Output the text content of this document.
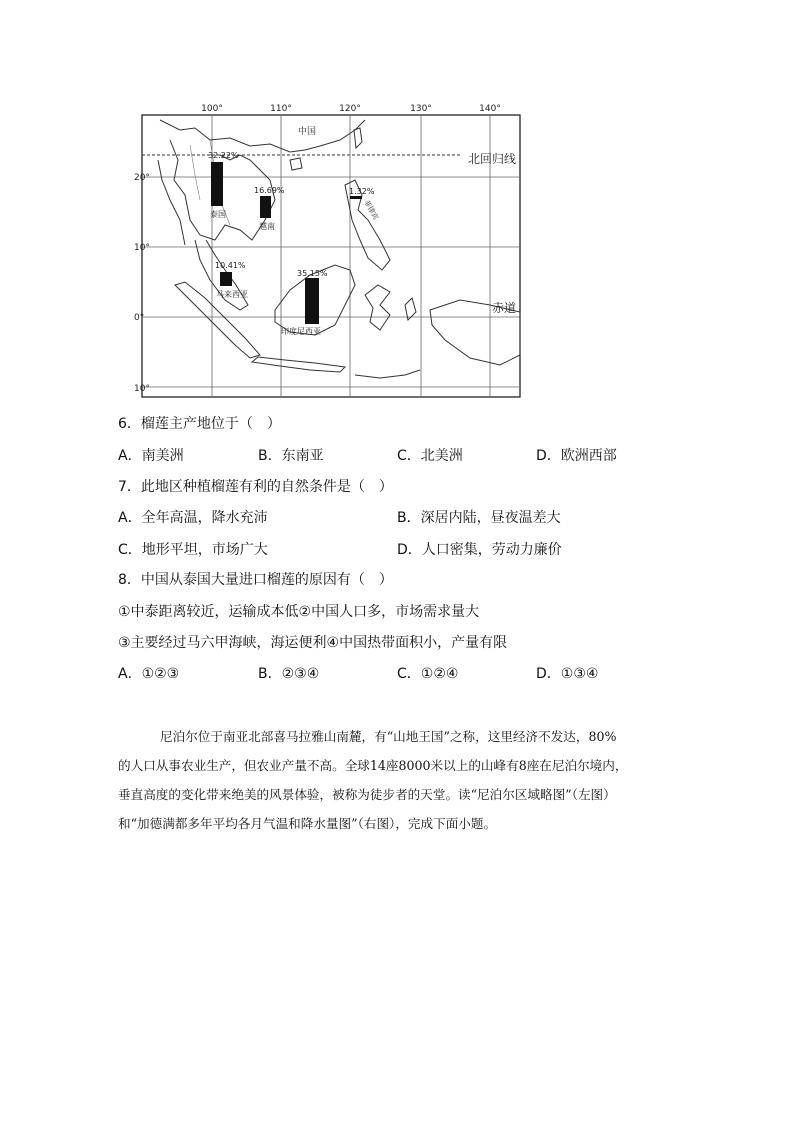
100°	110°	120°	130°	140°
20°
10°
0°
10°
中国
北回归线
赤道
32.22%
泰国
16.69%
越南
1.32%
菲律宾
10.41%
马来西亚
35.15%
印度尼西亚
6．榴莲主产地位于（　）
A．南美洲	B．东南亚	C．北美洲	D．欧洲西部
7．此地区种植榴莲有利的自然条件是（　）
A．全年高温，降水充沛	B．深居内陆，昼夜温差大
C．地形平坦，市场广大	D．人口密集，劳动力廉价
8．中国从泰国大量进口榴莲的原因有（　）
①中泰距离较近，运输成本低②中国人口多，市场需求量大
③主要经过马六甲海峡，海运便利④中国热带面积小，产量有限
A．①②③	B．②③④	C．①②④	D．①③④

尼泊尔位于南亚北部喜马拉雅山南麓，有“山地王国”之称，这里经济不发达，80%

的人口从事农业生产，但农业产量不高。全球14座8000米以上的山峰有8座在尼泊尔境内，

垂直高度的变化带来绝美的风景体验，被称为徒步者的天堂。读“尼泊尔区域略图”（左图）

和“加德满都多年平均各月气温和降水量图”（右图），完成下面小题。
